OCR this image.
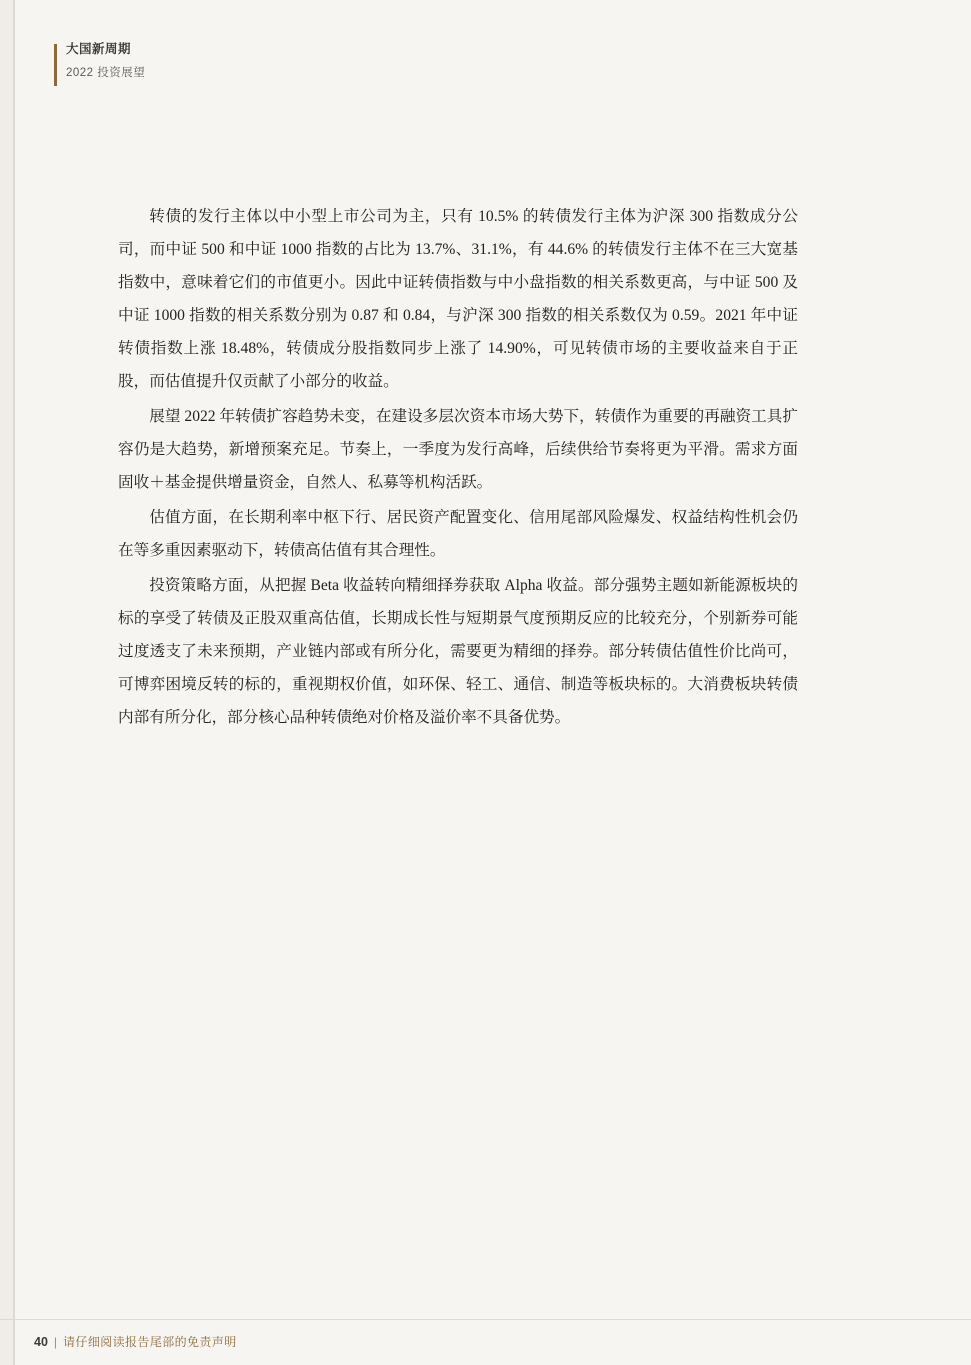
大国新周期
2022 投资展望

转债的发行主体以中小型上市公司为主，只有 10.5% 的转债发行主体为沪深 300 指数成分公司，而中证 500 和中证 1000 指数的占比为 13.7%、31.1%，有 44.6% 的转债发行主体不在三大宽基指数中，意味着它们的市值更小。因此中证转债指数与中小盘指数的相关系数更高，与中证 500 及中证 1000 指数的相关系数分别为 0.87 和 0.84，与沪深 300 指数的相关系数仅为 0.59。2021 年中证转债指数上涨 18.48%，转债成分股指数同步上涨了 14.90%，可见转债市场的主要收益来自于正股，而估值提升仅贡献了小部分的收益。

展望 2022 年转债扩容趋势未变，在建设多层次资本市场大势下，转债作为重要的再融资工具扩容仍是大趋势，新增预案充足。节奏上，一季度为发行高峰，后续供给节奏将更为平滑。需求方面固收＋基金提供增量资金，自然人、私募等机构活跃。

估值方面，在长期利率中枢下行、居民资产配置变化、信用尾部风险爆发、权益结构性机会仍在等多重因素驱动下，转债高估值有其合理性。

投资策略方面，从把握 Beta 收益转向精细择券获取 Alpha 收益。部分强势主题如新能源板块的标的享受了转债及正股双重高估值，长期成长性与短期景气度预期反应的比较充分，个别新券可能过度透支了未来预期，产业链内部或有所分化，需要更为精细的择券。部分转债估值性价比尚可，可博弈困境反转的标的，重视期权价值，如环保、轻工、通信、制造等板块标的。大消费板块转债内部有所分化，部分核心品种转债绝对价格及溢价率不具备优势。

40 | 请仔细阅读报告尾部的免责声明
